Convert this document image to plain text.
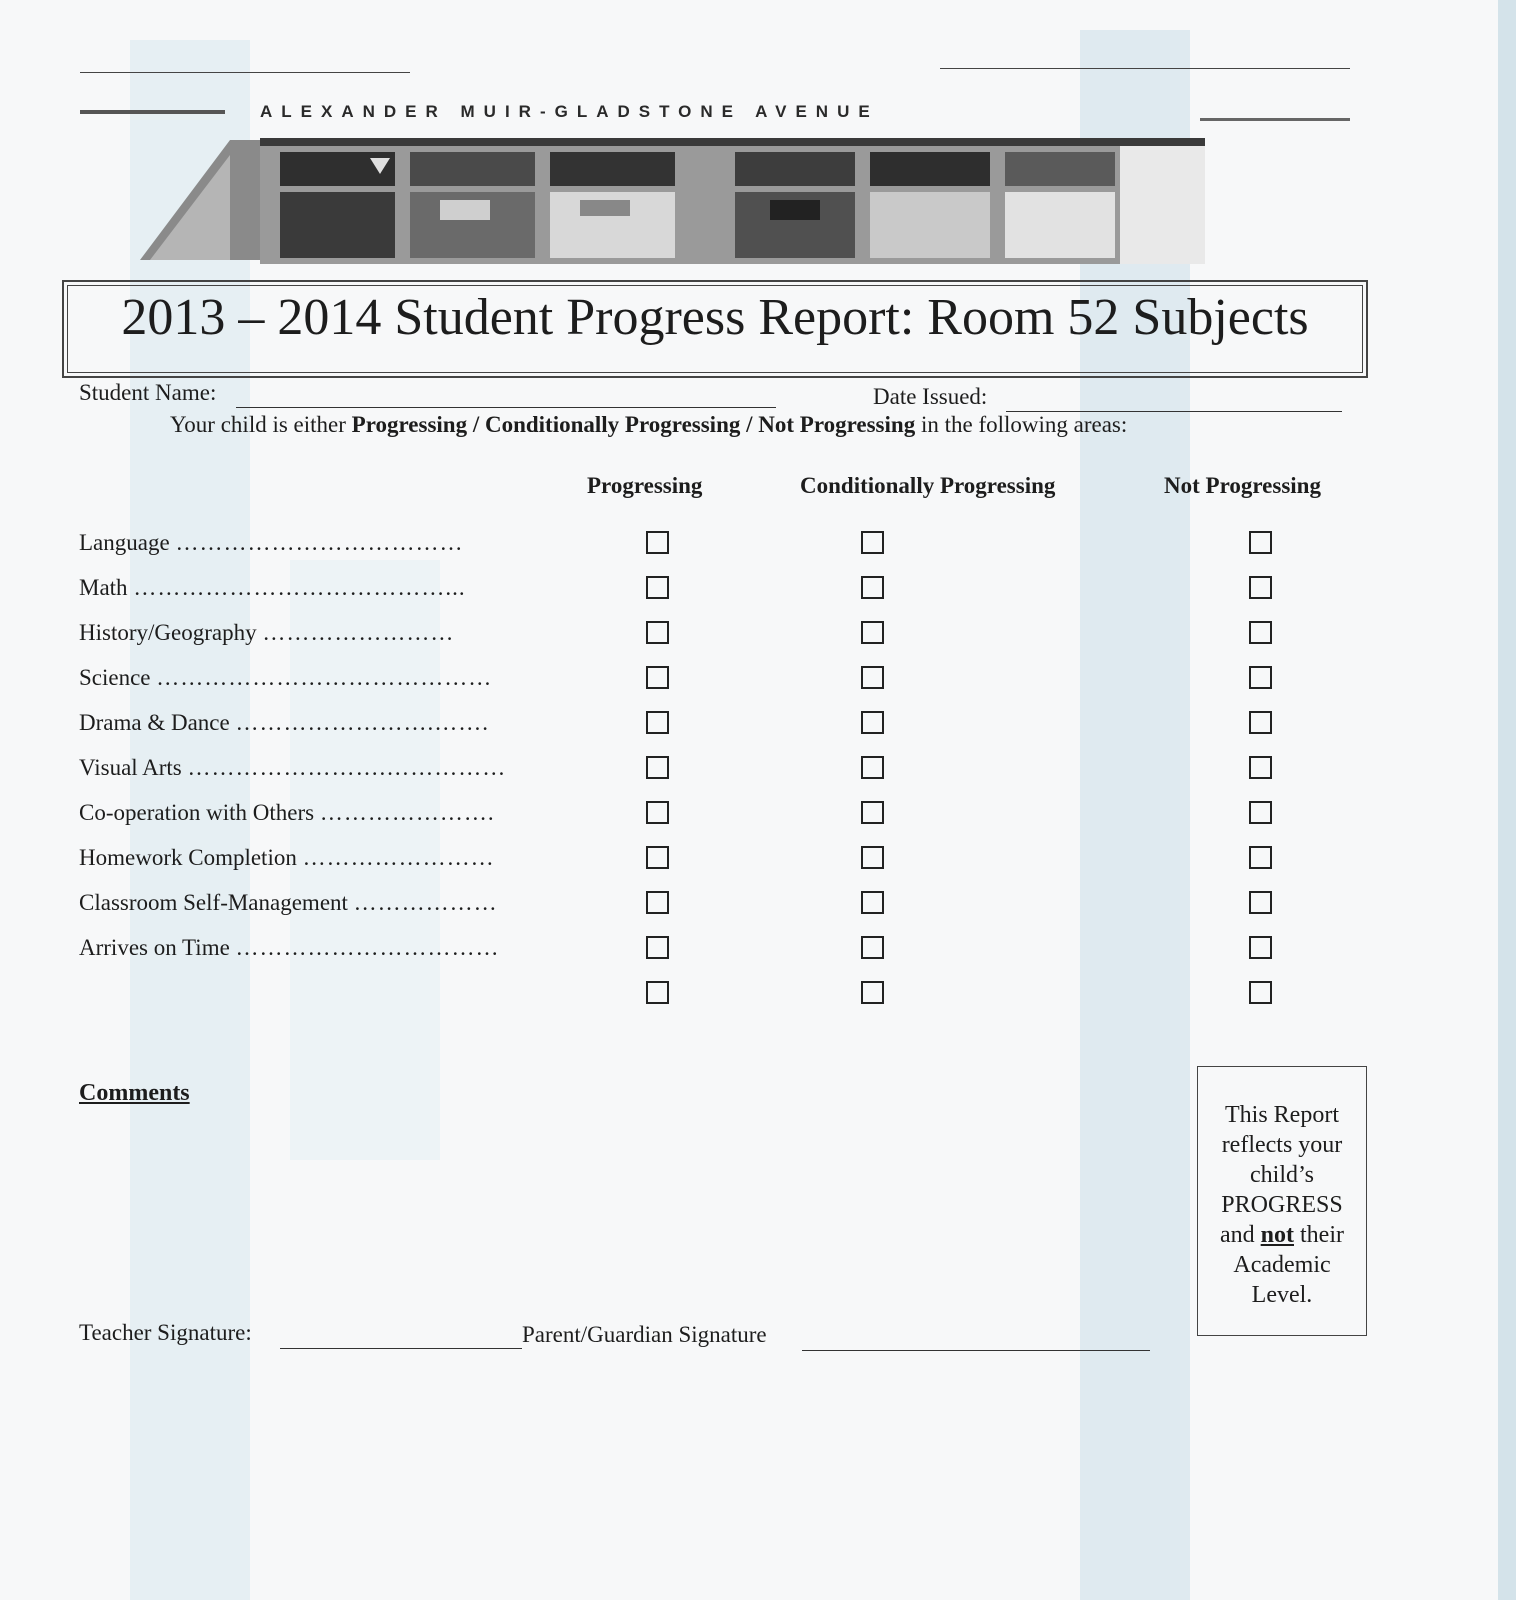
ALEXANDER MUIR-GLADSTONE AVENUE
2013 – 2014 Student Progress Report: Room 52 Subjects
Student Name:	Date Issued:
Your child is either Progressing / Conditionally Progressing / Not Progressing in the following areas:
Progressing	Conditionally Progressing	Not Progressing
Language ………………………………
Math …………………………………...
History/Geography ……………………
Science ……………………………………
Drama & Dance …………………….…….
Visual Arts …………………….……………
Co-operation with Others ………………….
Homework Completion ……………………
Classroom Self-Management ………………
Arrives on Time ……………………………
Comments
This Report
reflects your
child’s
PROGRESS
and not their
Academic
Level.
Teacher Signature:	Parent/Guardian Signature
